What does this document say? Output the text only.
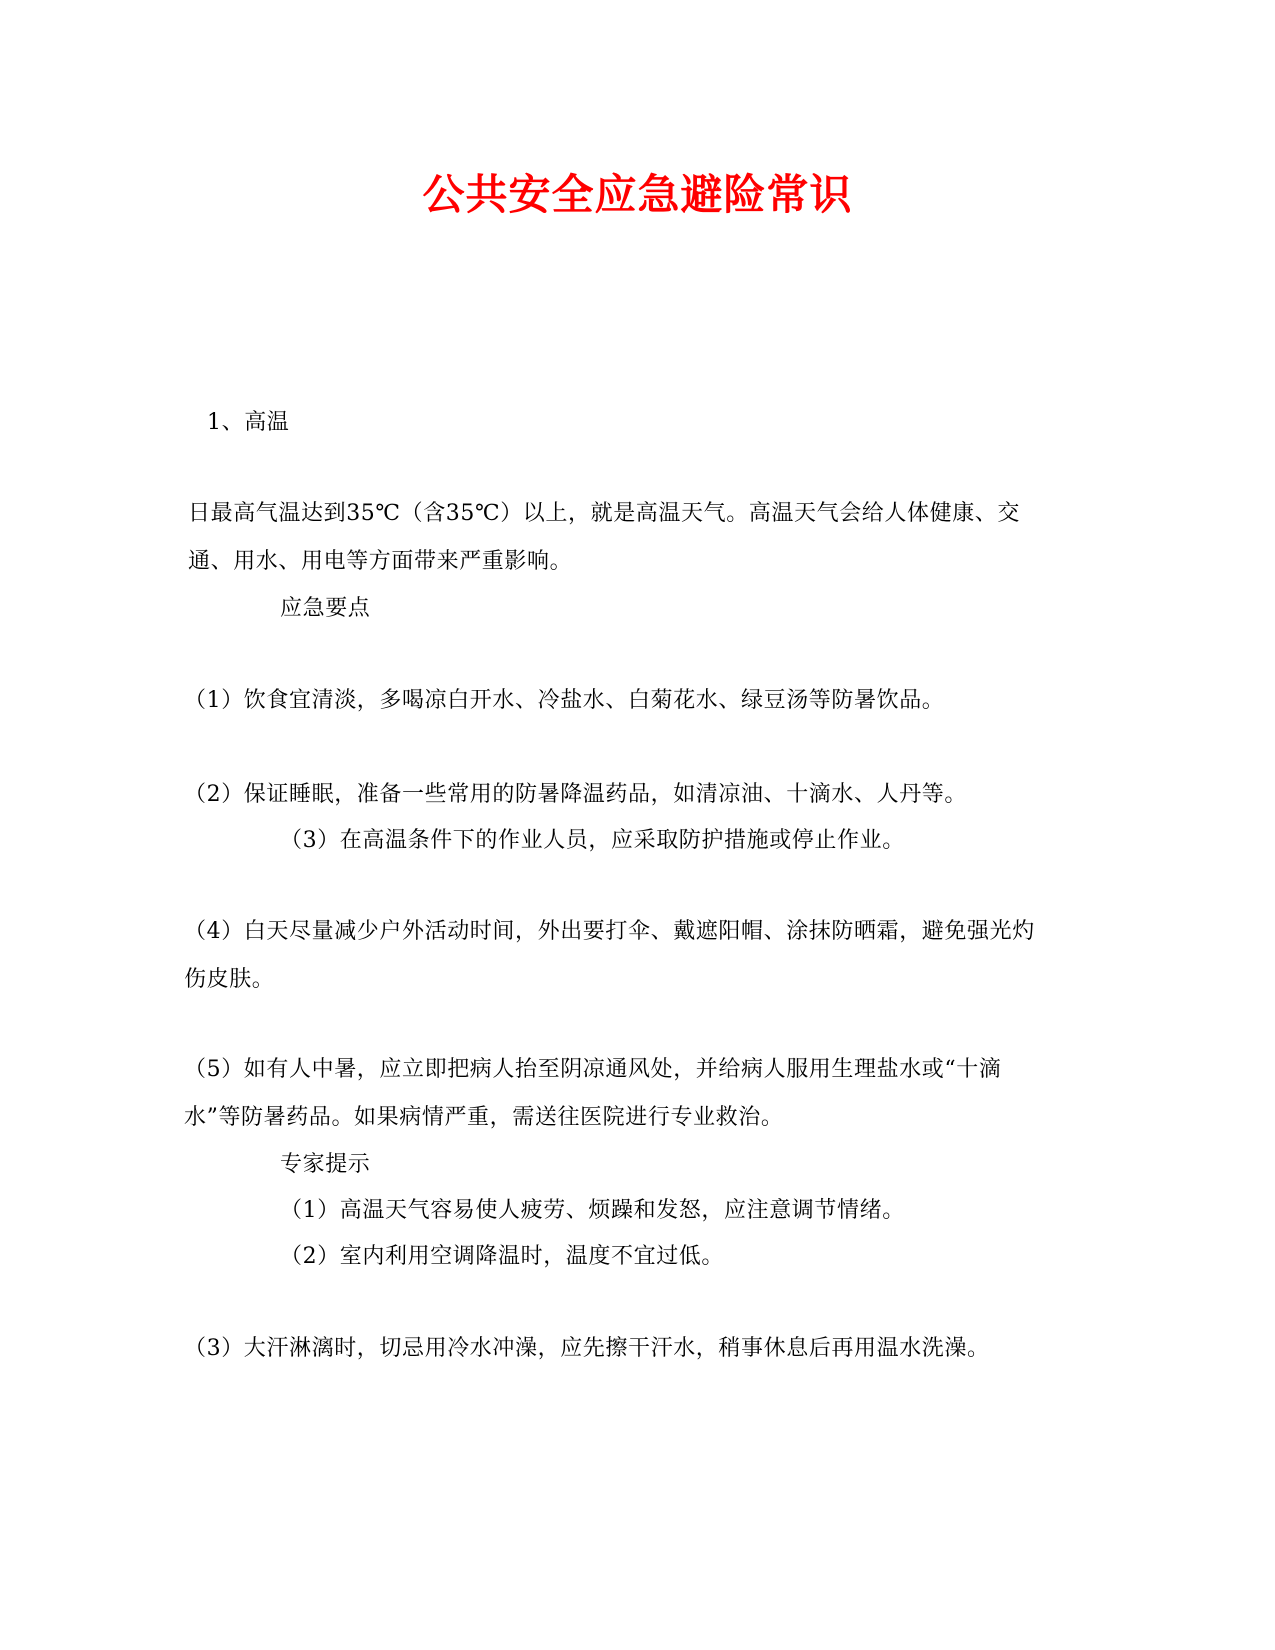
公共安全应急避险常识
1、高温
日最高气温达到35℃（含35℃）以上，就是高温天气。高温天气会给人体健康、交通、用水、用电等方面带来严重影响。
应急要点
（1）饮食宜清淡，多喝凉白开水、冷盐水、白菊花水、绿豆汤等防暑饮品。
（2）保证睡眠，准备一些常用的防暑降温药品，如清凉油、十滴水、人丹等。
（3）在高温条件下的作业人员，应采取防护措施或停止作业。
（4）白天尽量减少户外活动时间，外出要打伞、戴遮阳帽、涂抹防晒霜，避免强光灼伤皮肤。
（5）如有人中暑，应立即把病人抬至阴凉通风处，并给病人服用生理盐水或“十滴水”等防暑药品。如果病情严重，需送往医院进行专业救治。
专家提示
（1）高温天气容易使人疲劳、烦躁和发怒，应注意调节情绪。
（2）室内利用空调降温时，温度不宜过低。
（3）大汗淋漓时，切忌用冷水冲澡，应先擦干汗水，稍事休息后再用温水洗澡。
